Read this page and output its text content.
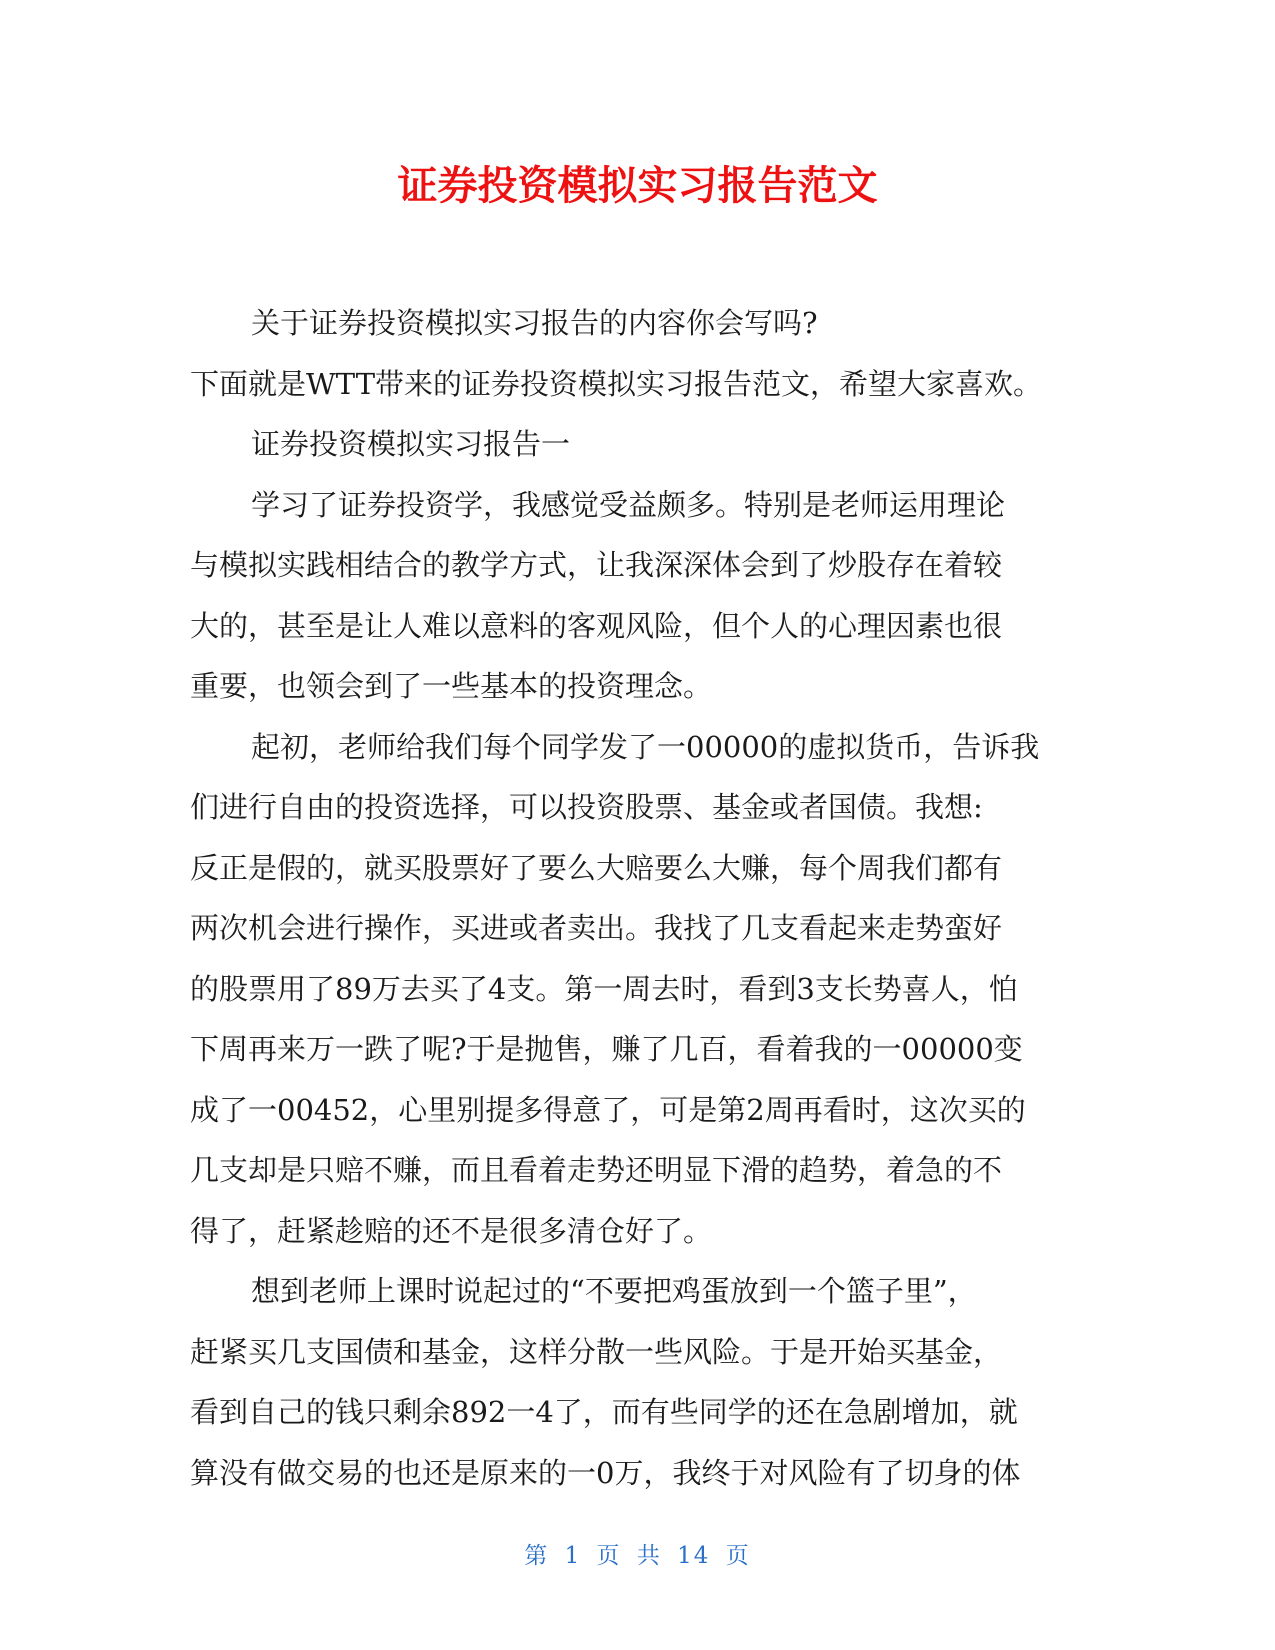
证券投资模拟实习报告范文

关于证券投资模拟实习报告的内容你会写吗?

下面就是WTT带来的证券投资模拟实习报告范文，希望大家喜欢。

证券投资模拟实习报告一

学习了证券投资学，我感觉受益颇多。特别是老师运用理论

与模拟实践相结合的教学方式，让我深深体会到了炒股存在着较

大的，甚至是让人难以意料的客观风险，但个人的心理因素也很

重要，也领会到了一些基本的投资理念。

起初，老师给我们每个同学发了一00000的虚拟货币，告诉我

们进行自由的投资选择，可以投资股票、基金或者国债。我想:

反正是假的，就买股票好了要么大赔要么大赚，每个周我们都有

两次机会进行操作，买进或者卖出。我找了几支看起来走势蛮好

的股票用了89万去买了4支。第一周去时，看到3支长势喜人，怕

下周再来万一跌了呢?于是抛售，赚了几百，看着我的一00000变

成了一00452，心里别提多得意了，可是第2周再看时，这次买的

几支却是只赔不赚，而且看着走势还明显下滑的趋势，着急的不

得了，赶紧趁赔的还不是很多清仓好了。

想到老师上课时说起过的“不要把鸡蛋放到一个篮子里”，

赶紧买几支国债和基金，这样分散一些风险。于是开始买基金，

看到自己的钱只剩余892一4了，而有些同学的还在急剧增加，就

算没有做交易的也还是原来的一0万，我终于对风险有了切身的体

第 1 页 共 14 页
